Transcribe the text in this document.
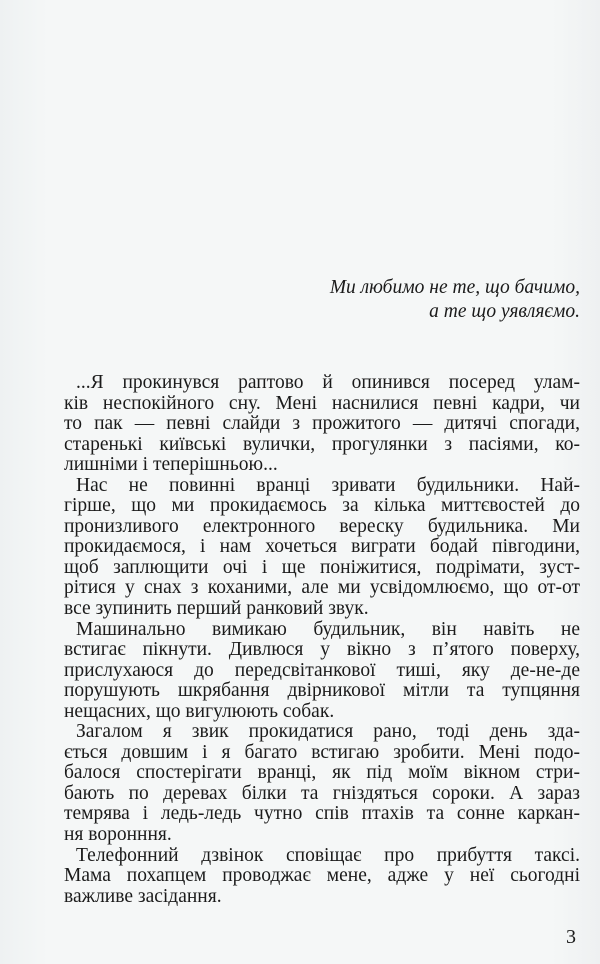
Ми любимо не те, що бачимо,
а те що уявляємо.
...Я прокинувся раптово й опинився посеред улам-
ків неспокійного сну. Мені наснилися певні кадри, чи
то пак — певні слайди з прожитого — дитячі спогади,
старенькі київські вулички, прогулянки з пасіями, ко-
лишніми і теперішньою...
Нас не повинні вранці зривати будильники. Най-
гірше, що ми прокидаємось за кілька миттєвостей до
пронизливого електронного вереску будильника. Ми
прокидаємося, і нам хочеться виграти бодай півгодини,
щоб заплющити очі і ще поніжитися, подрімати, зуст-
рітися у снах з коханими, але ми усвідомлюємо, що от-от
все зупинить перший ранковий звук.
Машинально вимикаю будильник, він навіть не
встигає пікнути. Дивлюся у вікно з п’ятого поверху,
прислухаюся до передсвітанкової тиші, яку де-не-де
порушують шкрябання двірникової мітли та тупцяння
нещасних, що вигулюють собак.
Загалом я звик прокидатися рано, тоді день зда-
ється довшим і я багато встигаю зробити. Мені подо-
балося спостерігати вранці, як під моїм вікном стри-
бають по деревах білки та гніздяться сороки. А зараз
темрява і ледь-ледь чутно спів птахів та сонне каркан-
ня воронння.
Телефонний дзвінок сповіщає про прибуття таксі.
Мама похапцем проводжає мене, адже у неї сьогодні
важливе засідання.
3
